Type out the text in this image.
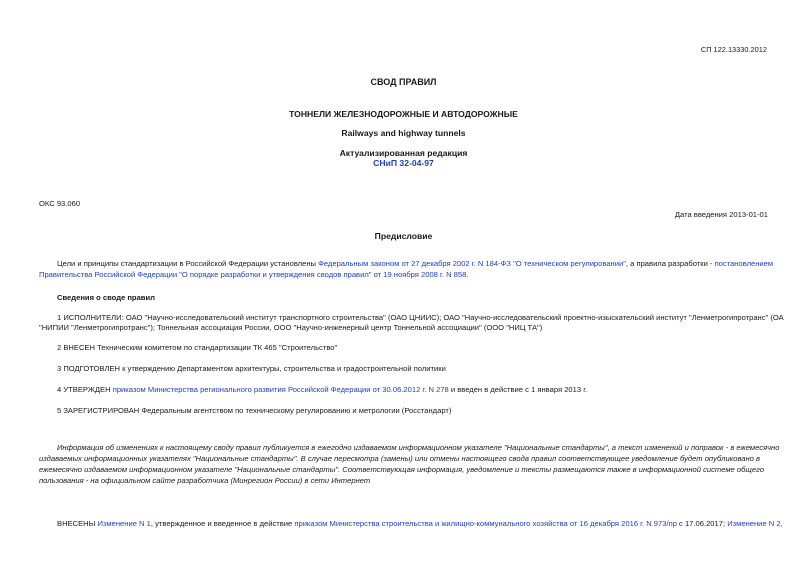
СП 122.13330.2012
СВОД ПРАВИЛ
ТОННЕЛИ ЖЕЛЕЗНОДОРОЖНЫЕ И АВТОДОРОЖНЫЕ
Railways and highway tunnels
Актуализированная редакция
СНиП 32-04-97
ОКС 93.060
Дата введения 2013-01-01
Предисловие
Цели и принципы стандартизации в Российской Федерации установлены Федеральным законом от 27 декабря 2002 г. N 184-ФЗ "О техническом регулировании", а правила разработки - постановлением
Правительства Российской Федерации "О порядке разработки и утверждения сводов правил" от 19 ноября 2008 г. N 858.
Сведения о своде правил
1 ИСПОЛНИТЕЛИ: ОАО "Научно-исследовательский институт транспортного строительства" (ОАО ЦНИИС); ОАО "Научно-исследовательский проектно-изыскательский институт "Ленметрогипротранс" (ОА
"НИПИИ "Ленметрогипротранс"); Тоннельная ассоциация России, ООО "Научно-инженерный центр Тоннельной ассоциации" (ООО "НИЦ ТА")
2 ВНЕСЕН Техническим комитетом по стандартизации ТК 465 "Строительство"
3 ПОДГОТОВЛЕН к утверждению Департаментом архитектуры, строительства и градостроительной политики
4 УТВЕРЖДЕН приказом Министерства регионального развития Российской Федерации от 30.06.2012 г. N 278 и введен в действие с 1 января 2013 г.
5 ЗАРЕГИСТРИРОВАН Федеральным агентством по техническому регулированию и метрологии (Росстандарт)
Информация об изменениях к настоящему своду правил публикуется в ежегодно издаваемом информационном указателе "Национальные стандарты", а текст изменений и поправок - в ежемесячно
издаваемых информационных указателях "Национальные стандарты". В случае пересмотра (замены) или отмены настоящего свода правил соответствующее уведомление будет опубликовано в
ежемесячно издаваемом информационном указателе "Национальные стандарты". Соответствующая информация, уведомление и тексты размещаются также в информационной системе общего
пользования - на официальном сайте разработчика (Минрегион России) в сети Интернет
ВНЕСЕНЫ Изменение N 1, утвержденное и введенное в действие приказом Министерства строительства и жилищно-коммунального хозяйства от 16 декабря 2016 г. N 973/пр с 17.06.2017; Изменение N 2,
